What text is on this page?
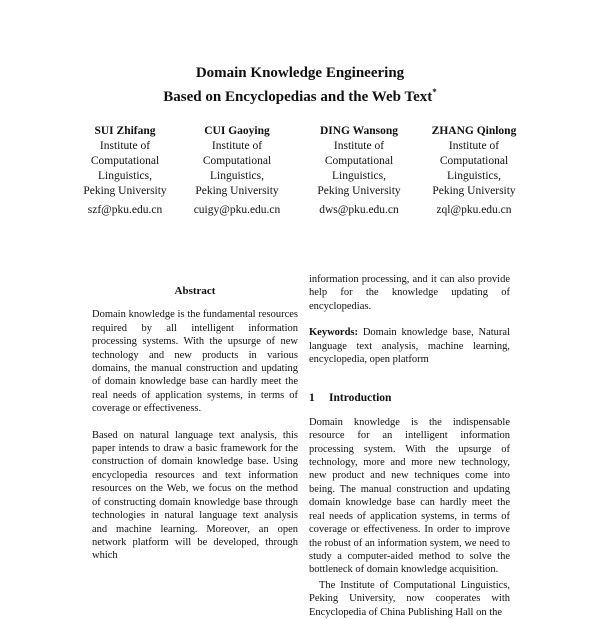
Domain Knowledge Engineering
Based on Encyclopedias and the Web Text*
SUI Zhifang
Institute of
Computational
Linguistics,
Peking University
szf@pku.edu.cn
CUI Gaoying
Institute of
Computational
Linguistics,
Peking University
cuigy@pku.edu.cn
DING Wansong
Institute of
Computational
Linguistics,
Peking University
dws@pku.edu.cn
ZHANG Qinlong
Institute of
Computational
Linguistics,
Peking University
zql@pku.edu.cn

Abstract

Domain knowledge is the fundamental resources required by all intelligent information processing systems. With the upsurge of new technology and new products in various domains, the manual construction and updating of domain knowledge base can hardly meet the real needs of application systems, in terms of coverage or effectiveness.

Based on natural language text analysis, this paper intends to draw a basic framework for the construction of domain knowledge base. Using encyclopedia resources and text information resources on the Web, we focus on the method of constructing domain knowledge base through technologies in natural language text analysis and machine learning. Moreover, an open network platform will be developed, through which

information processing, and it can also provide help for the knowledge updating of encyclopedias.

Keywords: Domain knowledge base, Natural language text analysis, machine learning, encyclopedia, open platform

1 Introduction

Domain knowledge is the indispensable resource for an intelligent information processing system. With the upsurge of technology, more and more new technology, new product and new techniques come into being. The manual construction and updating domain knowledge base can hardly meet the real needs of application systems, in terms of coverage or effectiveness. In order to improve the robust of an information system, we need to study a computer-aided method to solve the bottleneck of domain knowledge acquisition.

The Institute of Computational Linguistics, Peking University, now cooperates with Encyclopedia of China Publishing Hall on the
